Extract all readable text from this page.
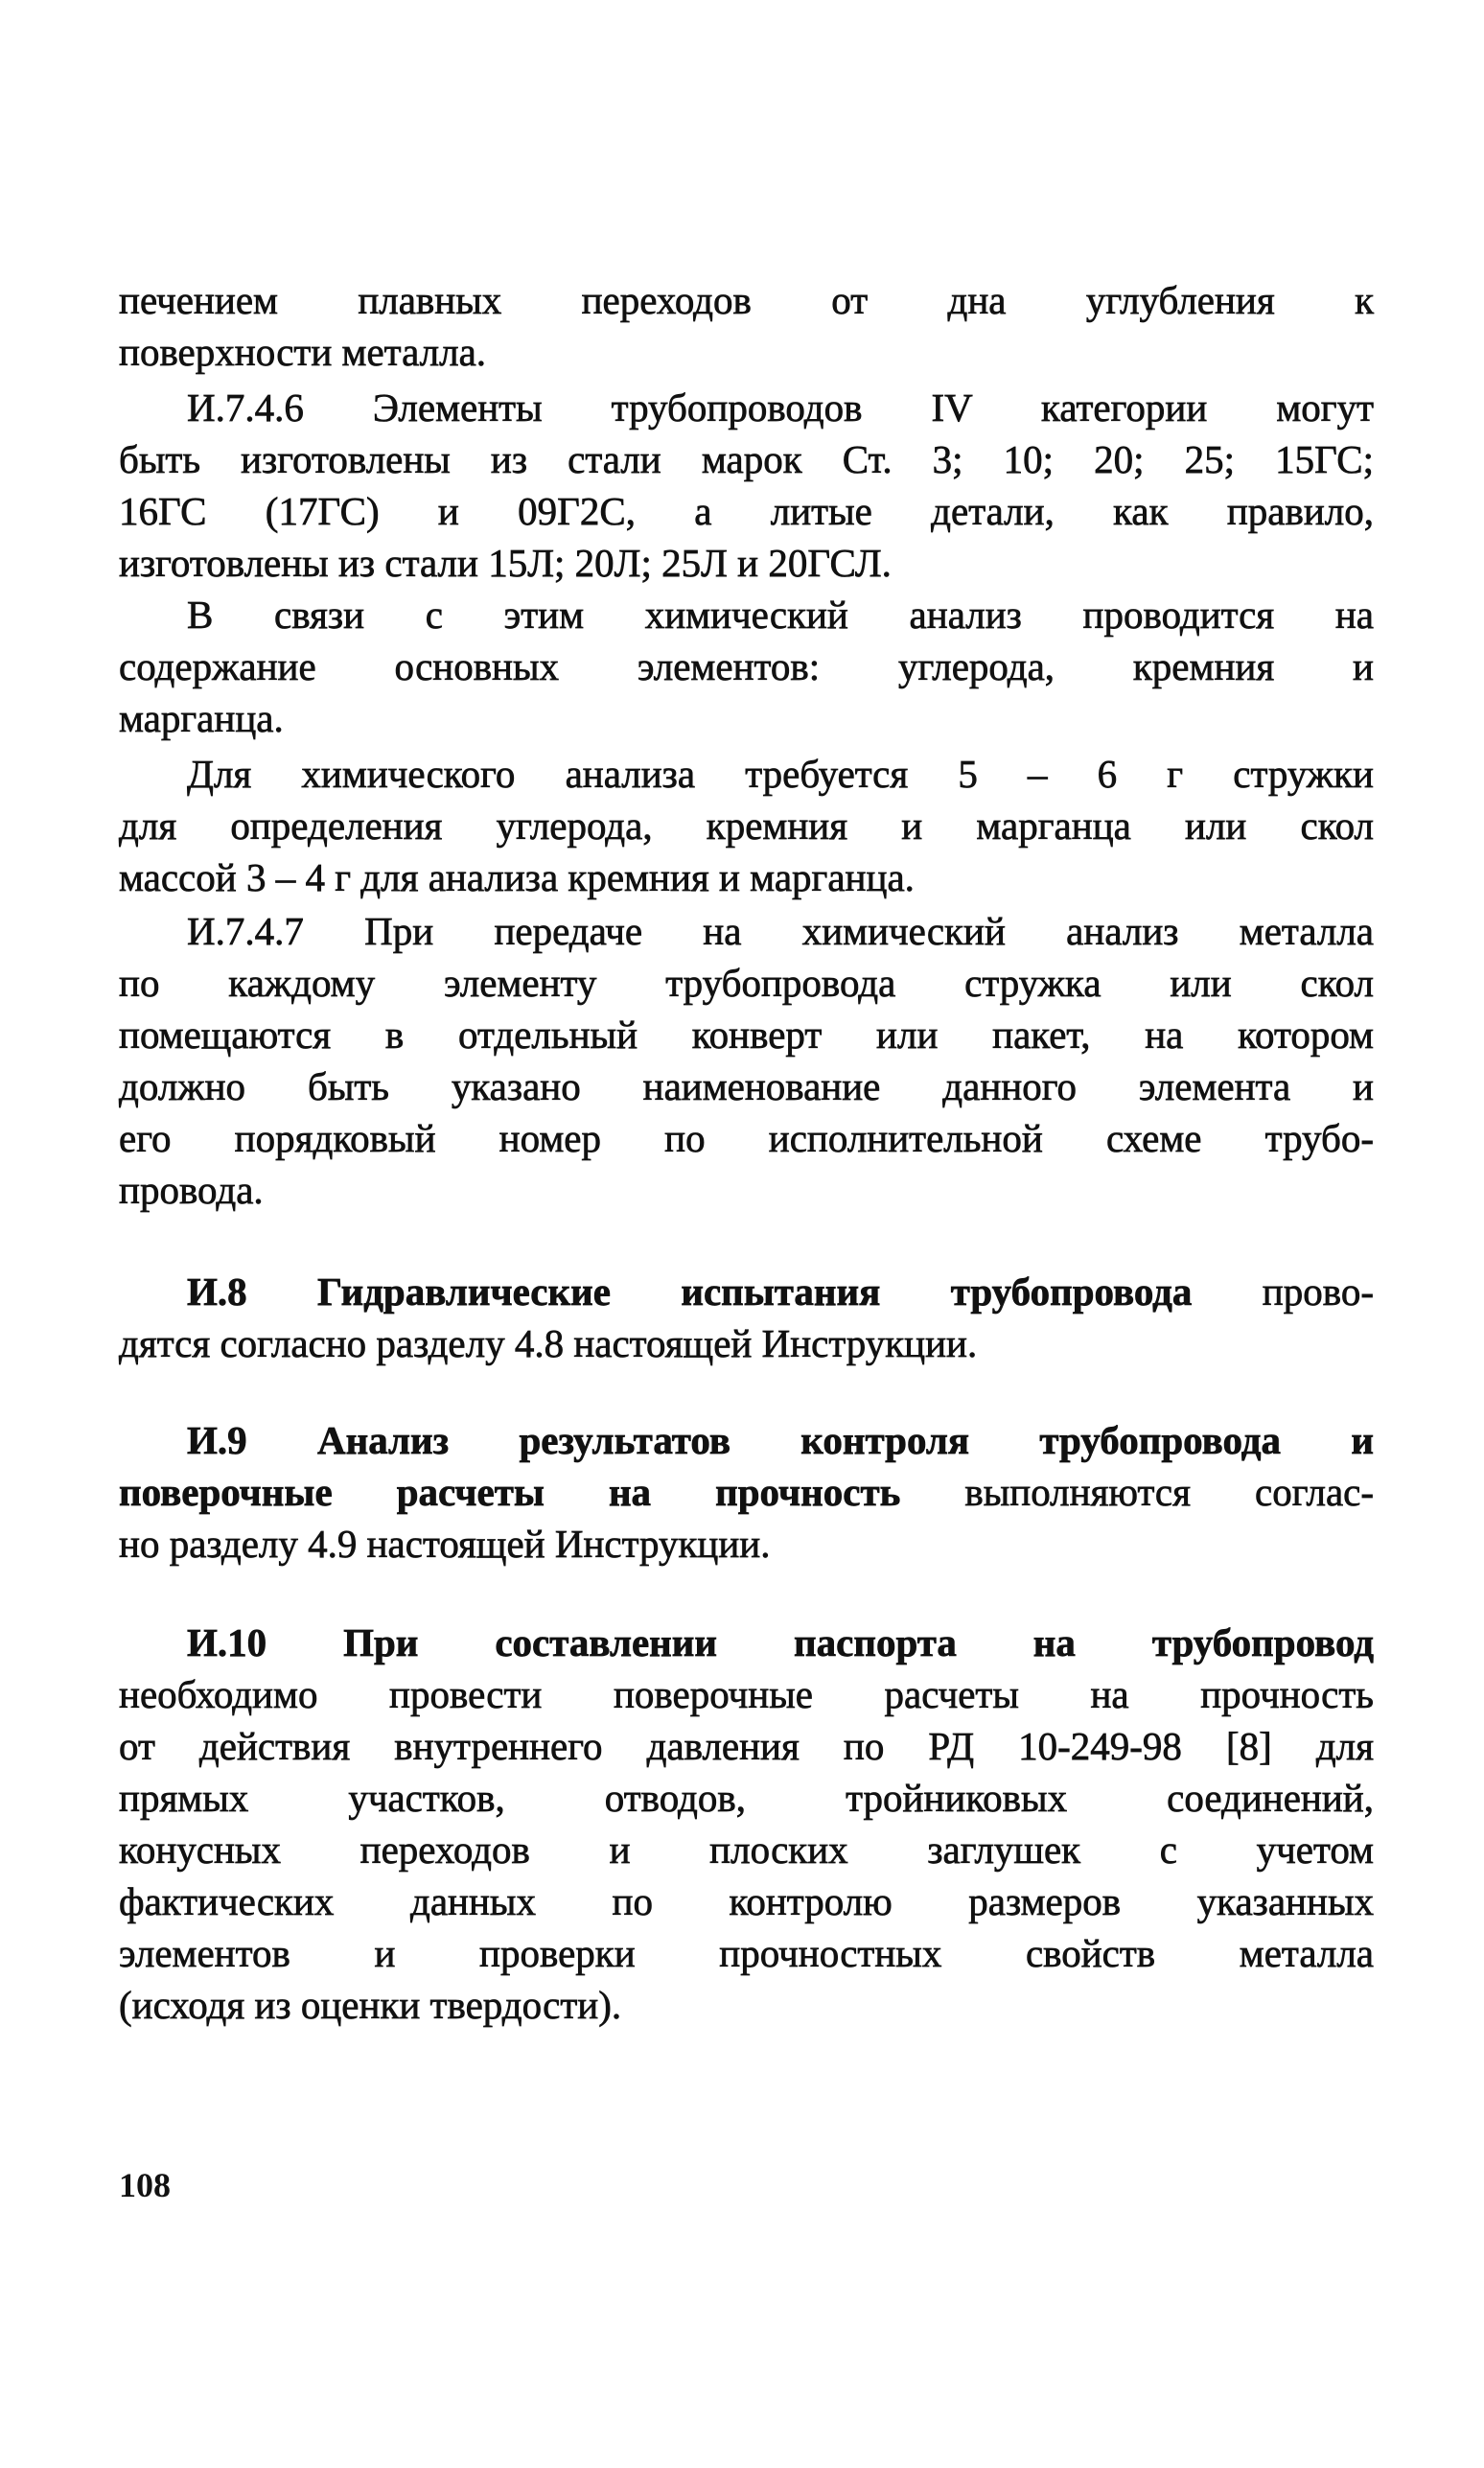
печением плавных переходов от дна углубления к
поверхности металла.
И.7.4.6 Элементы трубопроводов IV категории могут
быть изготовлены из стали марок Ст. 3; 10; 20; 25; 15ГС;
16ГС (17ГС) и 09Г2С, а литые детали, как правило,
изготовлены из стали 15Л; 20Л; 25Л и 20ГСЛ.
В связи с этим химический анализ проводится на
содержание основных элементов: углерода, кремния и
марганца.
Для химического анализа требуется 5 – 6 г стружки
для определения углерода, кремния и марганца или скол
массой 3 – 4 г для анализа кремния и марганца.
И.7.4.7 При передаче на химический анализ металла
по каждому элементу трубопровода стружка или скол
помещаются в отдельный конверт или пакет, на котором
должно быть указано наименование данного элемента и
его порядковый номер по исполнительной схеме трубо-
провода.
И.8 Гидравлические испытания трубопровода прово-
дятся согласно разделу 4.8 настоящей Инструкции.
И.9 Анализ результатов контроля трубопровода и
поверочные расчеты на прочность выполняются соглас-
но разделу 4.9 настоящей Инструкции.
И.10 При составлении паспорта на трубопровод
необходимо провести поверочные расчеты на прочность
от действия внутреннего давления по РД 10-249-98 [8] для
прямых участков, отводов, тройниковых соединений,
конусных переходов и плоских заглушек с учетом
фактических данных по контролю размеров указанных
элементов и проверки прочностных свойств металла
(исходя из оценки твердости).
108
